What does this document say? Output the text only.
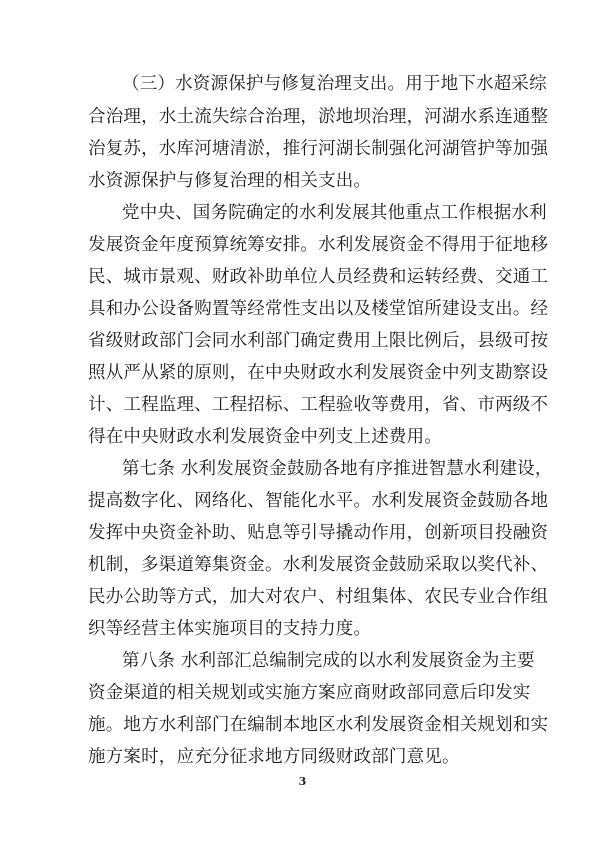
（三）水资源保护与修复治理支出。用于地下水超采综
合治理，水土流失综合治理，淤地坝治理，河湖水系连通整
治复苏，水库河塘清淤，推行河湖长制强化河湖管护等加强
水资源保护与修复治理的相关支出。
党中央、国务院确定的水利发展其他重点工作根据水利
发展资金年度预算统筹安排。水利发展资金不得用于征地移
民、城市景观、财政补助单位人员经费和运转经费、交通工
具和办公设备购置等经常性支出以及楼堂馆所建设支出。经
省级财政部门会同水利部门确定费用上限比例后，县级可按
照从严从紧的原则，在中央财政水利发展资金中列支勘察设
计、工程监理、工程招标、工程验收等费用，省、市两级不
得在中央财政水利发展资金中列支上述费用。
第七条 水利发展资金鼓励各地有序推进智慧水利建设，
提高数字化、网络化、智能化水平。水利发展资金鼓励各地
发挥中央资金补助、贴息等引导撬动作用，创新项目投融资
机制，多渠道筹集资金。水利发展资金鼓励采取以奖代补、
民办公助等方式，加大对农户、村组集体、农民专业合作组
织等经营主体实施项目的支持力度。
第八条 水利部汇总编制完成的以水利发展资金为主要
资金渠道的相关规划或实施方案应商财政部同意后印发实
施。地方水利部门在编制本地区水利发展资金相关规划和实
施方案时，应充分征求地方同级财政部门意见。
3
